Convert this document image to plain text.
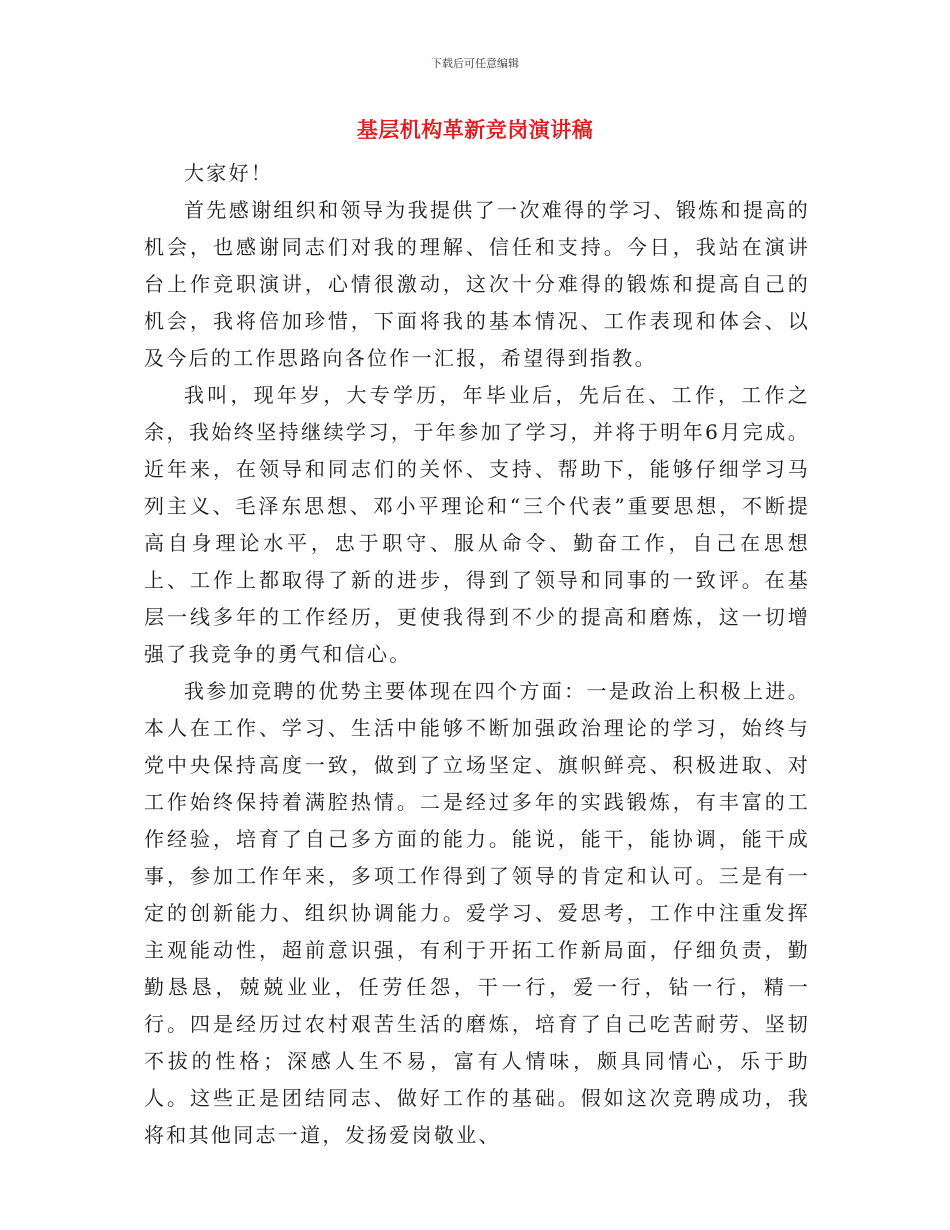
下载后可任意编辑
基层机构革新竞岗演讲稿

大家好！

首先感谢组织和领导为我提供了一次难得的学习、锻炼和提高的机会，也感谢同志们对我的理解、信任和支持。今日，我站在演讲台上作竞职演讲，心情很激动，这次十分难得的锻炼和提高自己的机会，我将倍加珍惜，下面将我的基本情况、工作表现和体会、以及今后的工作思路向各位作一汇报，希望得到指教。

我叫，现年岁，大专学历，年毕业后，先后在、工作，工作之余，我始终坚持继续学习，于年参加了学习，并将于明年6月完成。近年来，在领导和同志们的关怀、支持、帮助下，能够仔细学习马列主义、毛泽东思想、邓小平理论和“三个代表”重要思想，不断提高自身理论水平，忠于职守、服从命令、勤奋工作，自己在思想上、工作上都取得了新的进步，得到了领导和同事的一致评。在基层一线多年的工作经历，更使我得到不少的提高和磨炼，这一切增强了我竞争的勇气和信心。

我参加竞聘的优势主要体现在四个方面：一是政治上积极上进。本人在工作、学习、生活中能够不断加强政治理论的学习，始终与党中央保持高度一致，做到了立场坚定、旗帜鲜亮、积极进取、对工作始终保持着满腔热情。二是经过多年的实践锻炼，有丰富的工作经验，培育了自己多方面的能力。能说，能干，能协调，能干成事，参加工作年来，多项工作得到了领导的肯定和认可。三是有一定的创新能力、组织协调能力。爱学习、爱思考，工作中注重发挥主观能动性，超前意识强，有利于开拓工作新局面，仔细负责，勤勤恳恳，兢兢业业，任劳任怨，干一行，爱一行，钻一行，精一行。四是经历过农村艰苦生活的磨炼，培育了自己吃苦耐劳、坚韧不拔的性格；深感人生不易，富有人情味，颇具同情心，乐于助人。这些正是团结同志、做好工作的基础。假如这次竞聘成功，我将和其他同志一道，发扬爱岗敬业、
